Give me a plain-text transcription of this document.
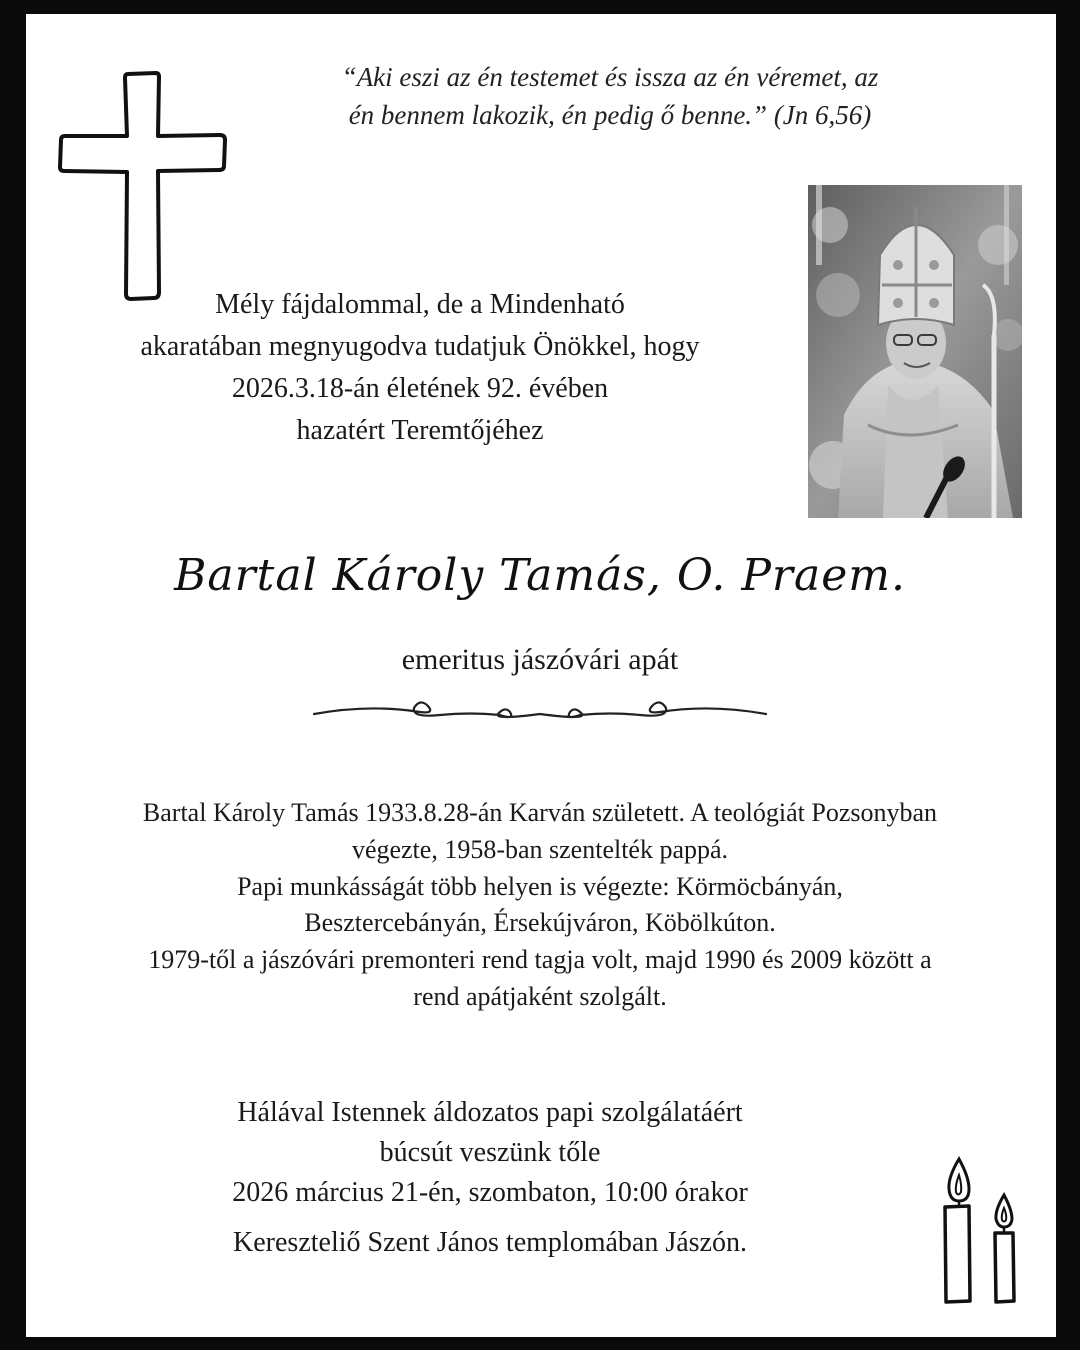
“Aki eszi az én testemet és issza az én véremet, az
én bennem lakozik, én pedig ő benne.” (Jn 6,56)

Mély fájdalommal, de a Mindenható
akaratában megnyugodva tudatjuk Önökkel, hogy
2026.3.18-án életének 92. évében
hazatért Teremtőjéhez

Bartal Károly Tamás, O. Praem.

emeritus jászóvári apát

Bartal Károly Tamás 1933.8.28-án Karván született. A teológiát Pozsonyban
végezte, 1958-ban szentelték pappá.
Papi munkásságát több helyen is végezte: Körmöcbányán,
Besztercebányán, Érsekújváron, Köbölkúton.
1979-től a jászóvári premonteri rend tagja volt, majd 1990 és 2009 között a
rend apátjaként szolgált.

Hálával Istennek áldozatos papi szolgálatáért
búcsút veszünk tőle
2026 március 21-én, szombaton, 10:00 órakor
Kereszteliő Szent János templomában Jászón.
